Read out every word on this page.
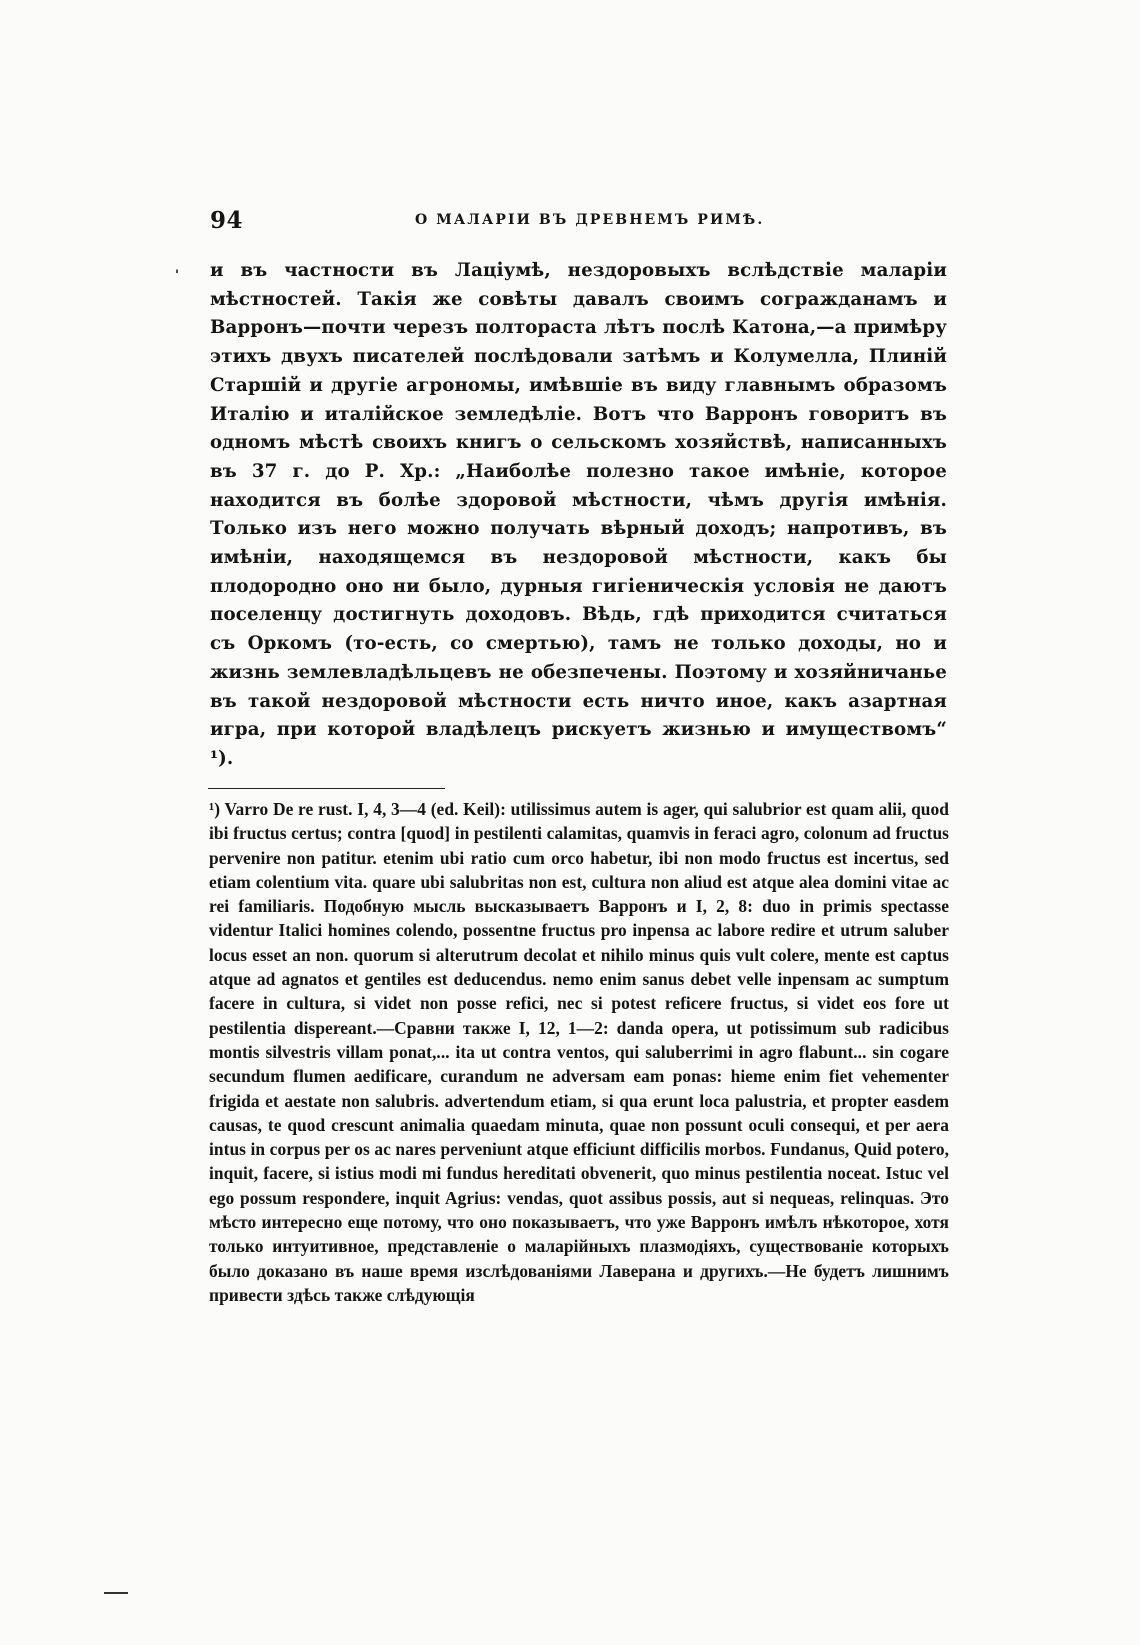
94	О МАЛАРІИ ВЪ ДРЕВНЕМЪ РИМѢ.
' и въ частности въ Лаціумѣ, нездоровыхъ вслѣдствіе маларіи мѣстностей. Такія же совѣты давалъ своимъ согражданамъ и Варронъ—почти черезъ полтораста лѣтъ послѣ Катона,—а примѣру этихъ двухъ писателей послѣдовали затѣмъ и Колумелла, Плиній Старшій и другіе агрономы, имѣвшіе въ виду главнымъ образомъ Италію и италійское земледѣліе. Вотъ что Варронъ говоритъ въ одномъ мѣстѣ своихъ книгъ о сельскомъ хозяйствѣ, написанныхъ въ 37 г. до Р. Хр.: „Наиболѣе полезно такое имѣніе, которое находится въ болѣе здоровой мѣстности, чѣмъ другія имѣнія. Только изъ него можно получать вѣрный доходъ; напротивъ, въ имѣніи, находящемся въ нездоровой мѣстности, какъ бы плодородно оно ни было, дурныя гигіеническія условія не даютъ поселенцу достигнуть доходовъ. Вѣдь, гдѣ приходится считаться съ Оркомъ (то-есть, со смертью), тамъ не только доходы, но и жизнь землевладѣльцевъ не обезпечены. Поэтому и хозяйничанье въ такой нездоровой мѣстности есть ничто иное, какъ азартная игра, при которой владѣлецъ рискуетъ жизнью и имуществомъ“ ¹).

¹) Varro De re rust. I, 4, 3—4 (ed. Keil): utilissimus autem is ager, qui salubrior est quam alii, quod ibi fructus certus; contra [quod] in pestilenti calamitas, quamvis in feraci agro, colonum ad fructus pervenire non patitur. etenim ubi ratio cum orco habetur, ibi non modo fructus est incertus, sed etiam colentium vita. quare ubi salubritas non est, cultura non aliud est atque alea domini vitae ac rei familiaris. Подобную мысль высказываетъ Варронъ и I, 2, 8: duo in primis spectasse videntur Italici homines colendo, possentne fructus pro inpensa ac labore redire et utrum saluber locus esset an non. quorum si alterutrum decolat et nihilo minus quis vult colere, mente est captus atque ad agnatos et gentiles est deducendus. nemo enim sanus debet velle inpensam ac sumptum facere in cultura, si videt non posse refici, nec si potest reficere fructus, si videt eos fore ut pestilentia dispereant.—Сравни также I, 12, 1—2: danda opera, ut potissimum sub radicibus montis silvestris villam ponat,... ita ut contra ventos, qui saluberrimi in agro flabunt... sin cogare secundum flumen aedificare, curandum ne adversam eam ponas: hieme enim fiet vehementer frigida et aestate non salubris. advertendum etiam, si qua erunt loca palustria, et propter easdem causas, te quod crescunt animalia quaedam minuta, quae non possunt oculi consequi, et per aera intus in corpus per os ac nares perveniunt atque efficiunt difficilis morbos. Fundanus, Quid potero, inquit, facere, si istius modi mi fundus hereditati obvenerit, quo minus pestilentia noceat. Istuc vel ego possum respondere, inquit Agrius: vendas, quot assibus possis, aut si nequeas, relinquas. Это мѣсто интересно еще потому, что оно показываетъ, что уже Варронъ имѣлъ нѣкоторое, хотя только интуитивное, представленіе о маларійныхъ плазмодіяхъ, существованіе которыхъ было доказано въ наше время изслѣдованіями Лаверана и другихъ.—Не будетъ лишнимъ привести здѣсь также слѣдующія
